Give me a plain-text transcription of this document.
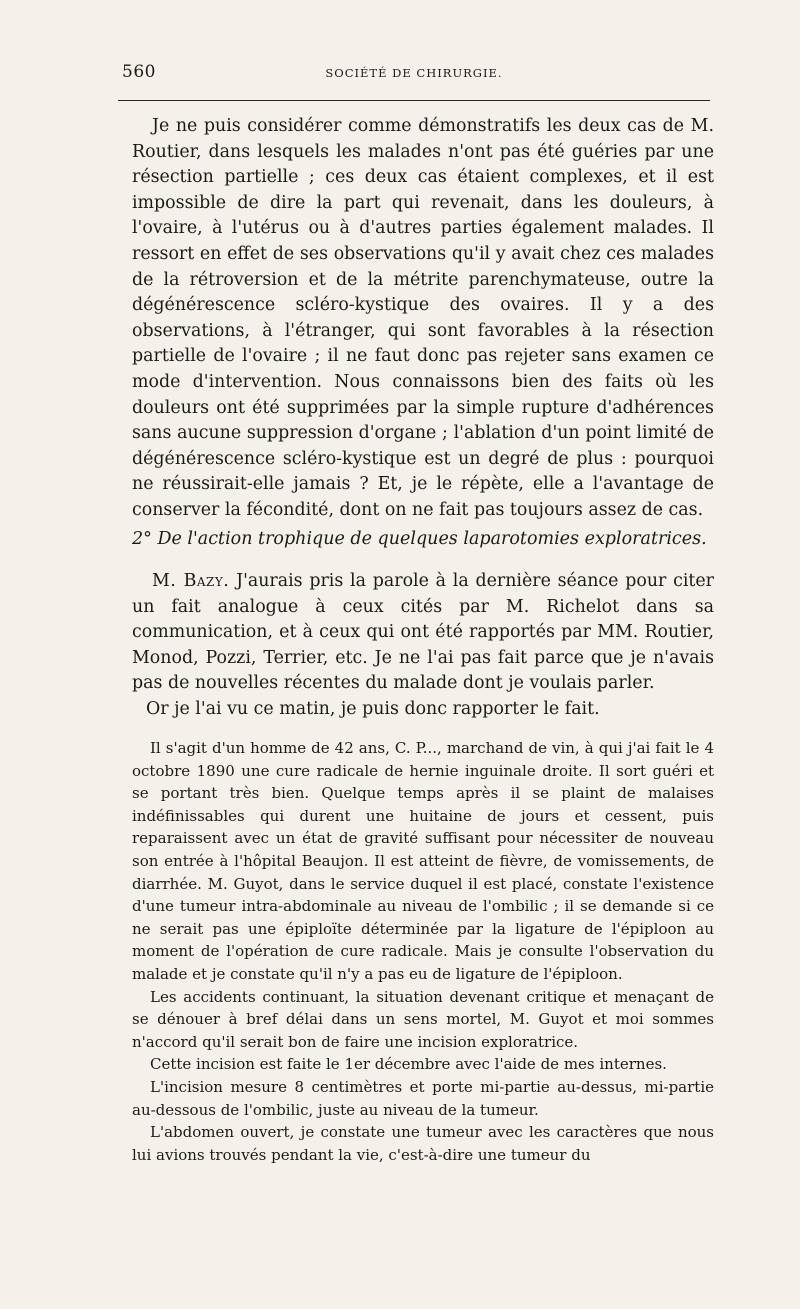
560	SOCIÉTÉ DE CHIRURGIE.

Je ne puis considérer comme démonstratifs les deux cas de M. Routier, dans lesquels les malades n'ont pas été guéries par une résection partielle ; ces deux cas étaient complexes, et il est impossible de dire la part qui revenait, dans les douleurs, à l'ovaire, à l'utérus ou à d'autres parties également malades. Il ressort en effet de ses observations qu'il y avait chez ces malades de la rétroversion et de la métrite parenchymateuse, outre la dégénérescence scléro-kystique des ovaires. Il y a des observations, à l'étranger, qui sont favorables à la résection partielle de l'ovaire ; il ne faut donc pas rejeter sans examen ce mode d'intervention. Nous connaissons bien des faits où les douleurs ont été supprimées par la simple rupture d'adhérences sans aucune suppression d'organe ; l'ablation d'un point limité de dégénérescence scléro-kystique est un degré de plus : pourquoi ne réussirait-elle jamais ? Et, je le répète, elle a l'avantage de conserver la fécondité, dont on ne fait pas toujours assez de cas.

2° De l'action trophique de quelques laparotomies exploratrices.

M. Bazy. J'aurais pris la parole à la dernière séance pour citer un fait analogue à ceux cités par M. Richelot dans sa communication, et à ceux qui ont été rapportés par MM. Routier, Monod, Pozzi, Terrier, etc. Je ne l'ai pas fait parce que je n'avais pas de nouvelles récentes du malade dont je voulais parler.

Or je l'ai vu ce matin, je puis donc rapporter le fait.

Il s'agit d'un homme de 42 ans, C. P..., marchand de vin, à qui j'ai fait le 4 octobre 1890 une cure radicale de hernie inguinale droite. Il sort guéri et se portant très bien. Quelque temps après il se plaint de malaises indéfinissables qui durent une huitaine de jours et cessent, puis reparaissent avec un état de gravité suffisant pour nécessiter de nouveau son entrée à l'hôpital Beaujon. Il est atteint de fièvre, de vomissements, de diarrhée. M. Guyot, dans le service duquel il est placé, constate l'existence d'une tumeur intra-abdominale au niveau de l'ombilic ; il se demande si ce ne serait pas une épiploïte déterminée par la ligature de l'épiploon au moment de l'opération de cure radicale. Mais je consulte l'observation du malade et je constate qu'il n'y a pas eu de ligature de l'épiploon.

Les accidents continuant, la situation devenant critique et menaçant de se dénouer à bref délai dans un sens mortel, M. Guyot et moi sommes n'accord qu'il serait bon de faire une incision exploratrice.

Cette incision est faite le 1er décembre avec l'aide de mes internes.

L'incision mesure 8 centimètres et porte mi-partie au-dessus, mi-partie au-dessous de l'ombilic, juste au niveau de la tumeur.

L'abdomen ouvert, je constate une tumeur avec les caractères que nous lui avions trouvés pendant la vie, c'est-à-dire une tumeur du
